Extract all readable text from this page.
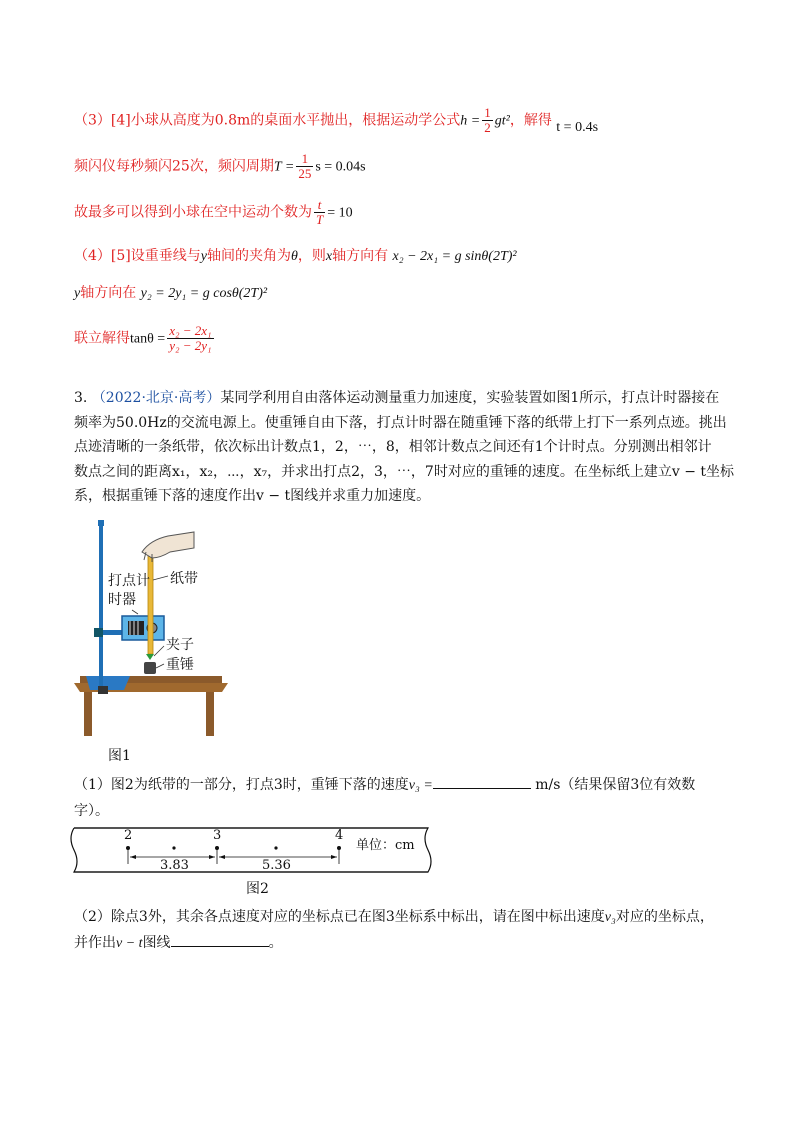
（3）[4]小球从高度为0.8m的桌面水平抛出，根据运动学公式$h = \frac{1}{2} gt^2$，解得 t = 0.4s
频闪仪每秒频闪25次，频闪周期$T = \frac{1}{25}$ s = 0.04s
故最多可以得到小球在空中运动个数为 $\frac{t}{T} = 10$
（4）[5]设重垂线与y轴间的夹角为θ，则x轴方向有 x₂ − 2x₁ = g sinθ(2T)²
y轴方向在 y₂ = 2y₁ = g cosθ(2T)²
联立解得$\tan\theta = \frac{\text{x₂ − 2x₁}}{\text{y₂ − 2y₁}}$
3. （2022·北京·高考）某同学利用自由落体运动测量重力加速度，实验装置如图1所示，打点计时器接在
频率为50.0Hz的交流电源上。使重锤自由下落，打点计时器在随重锤下落的纸带上打下一系列点迹。挑出
点迹清晰的一条纸带，依次标出计数点1，2，⋯，8，相邻计数点之间还有1个计时点。分别测出相邻计
数点之间的距离x₁，x₂，⋯，x₇，并求出打点2，3，⋯，7时对应的重锤的速度。在坐标纸上建立v − t坐标
系，根据重锤下落的速度作出v − t图线并求重力加速度。
纸带
打点计
时器
夹子
重锤
图1
（1）图2为纸带的一部分，打点3时，重锤下落的速度v₃ =	m/s（结果保留3位有效数
字）。
2	3	4
3.83	5.36
单位：cm
图2
（2）除点3外，其余各点速度对应的坐标点已在图3坐标系中标出，请在图中标出速度v₃对应的坐标点，
并作出v − t图线	。
